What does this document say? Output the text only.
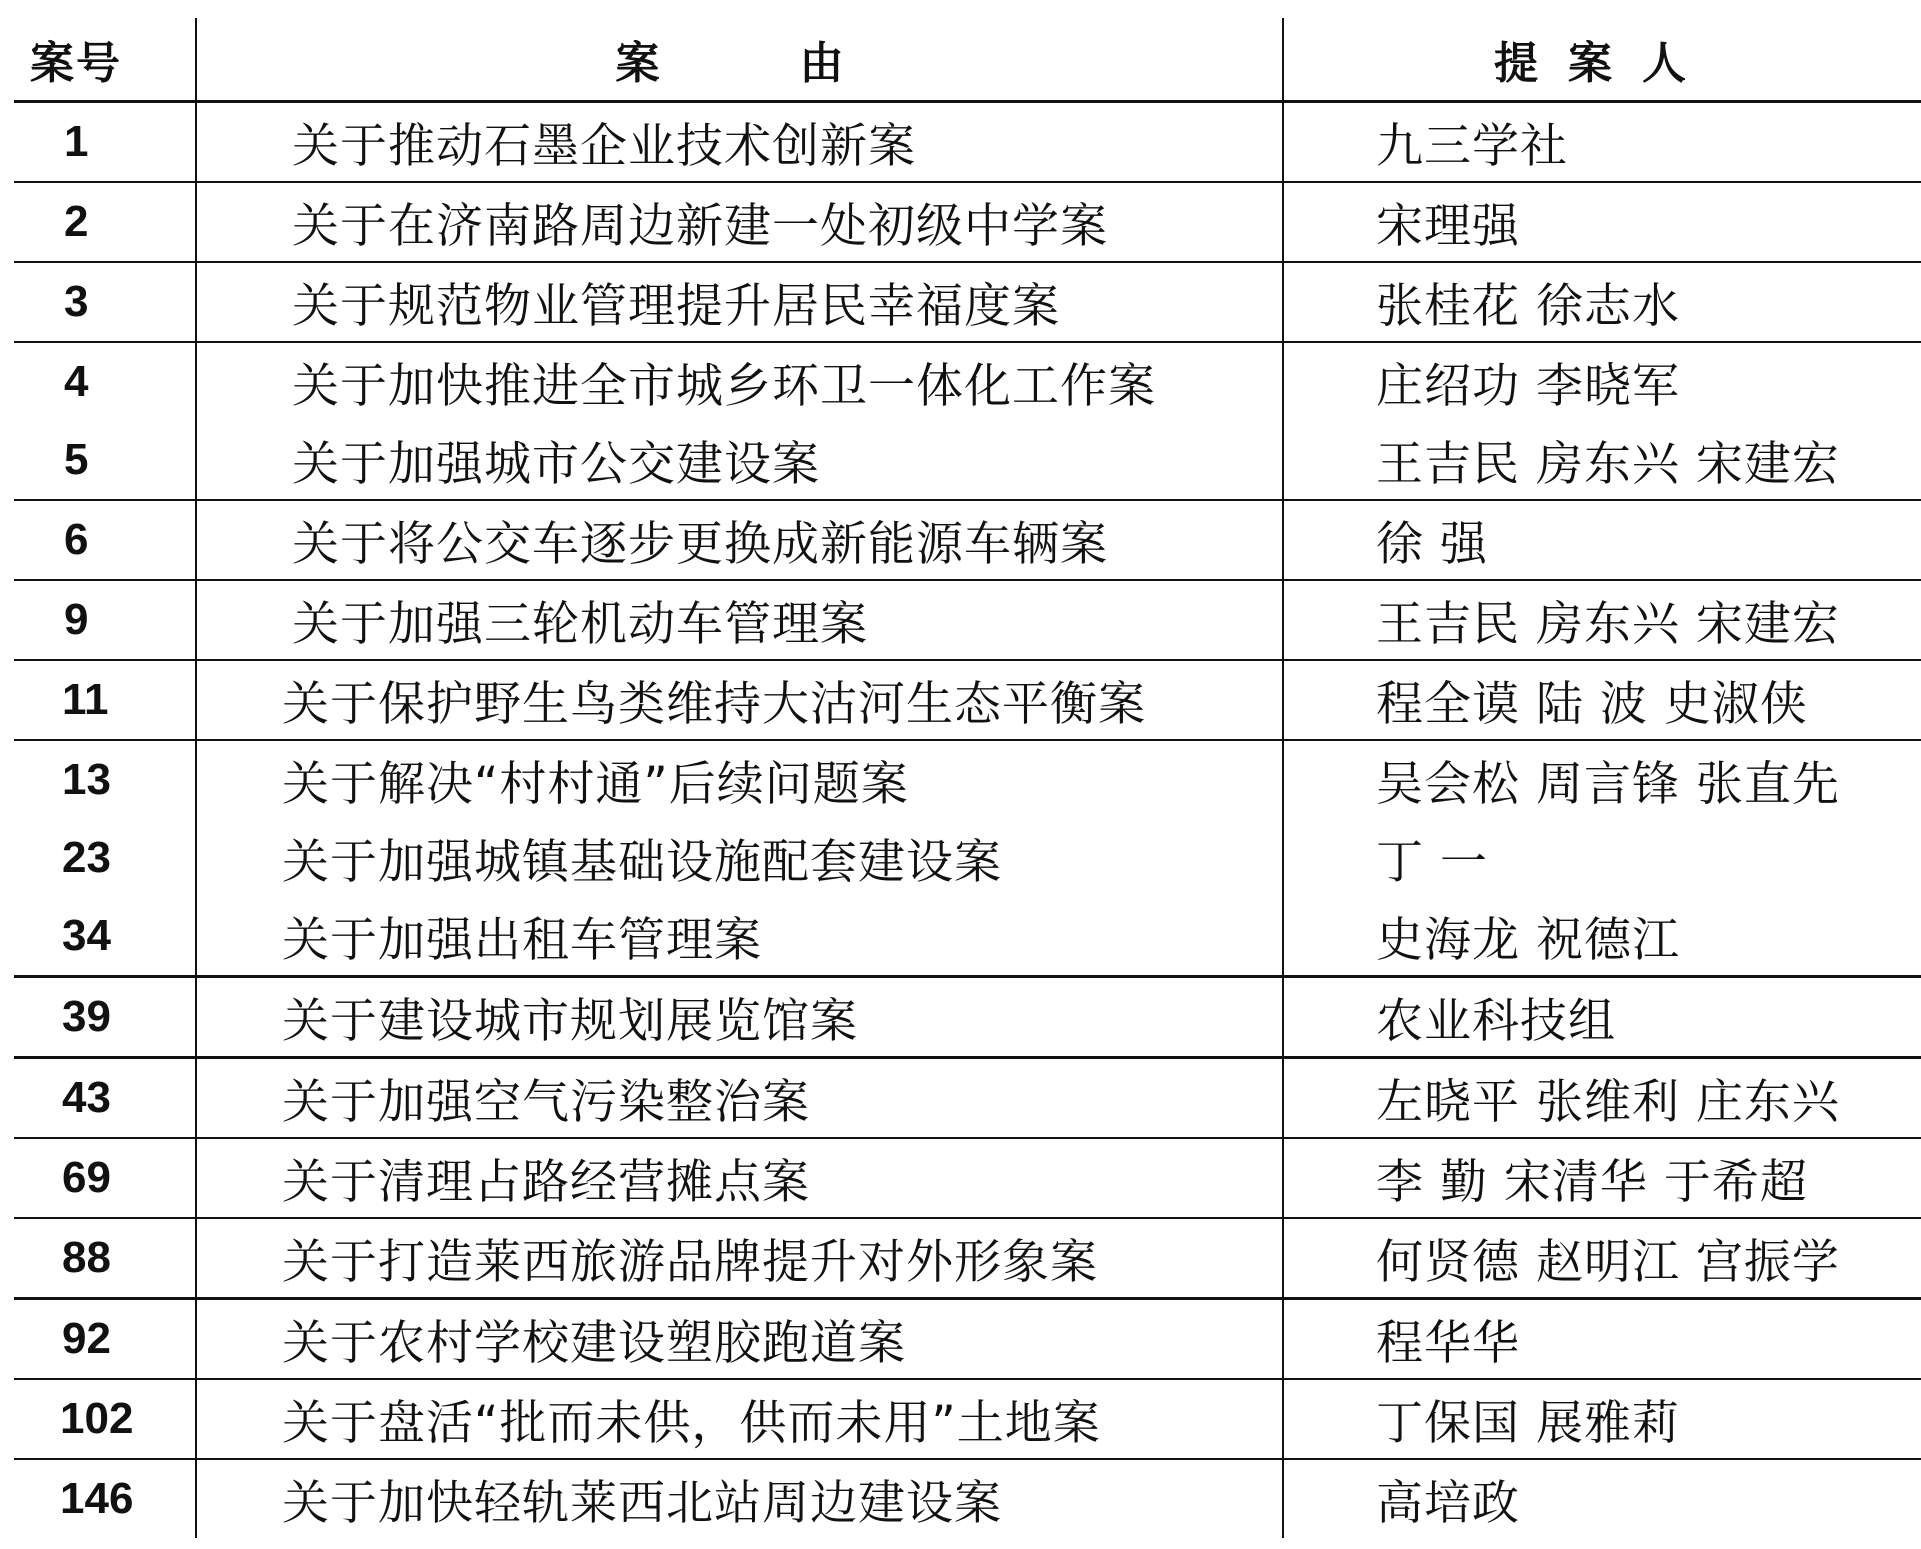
案号	案由	提案人
1	关于推动石墨企业技术创新案	九三学社
2	关于在济南路周边新建一处初级中学案	宋理强
3	关于规范物业管理提升居民幸福度案	张桂花 徐志水
4	关于加快推进全市城乡环卫一体化工作案	庄绍功 李晓军
5	关于加强城市公交建设案	王吉民 房东兴 宋建宏
6	关于将公交车逐步更换成新能源车辆案	徐 强
9	关于加强三轮机动车管理案	王吉民 房东兴 宋建宏
11	关于保护野生鸟类维持大沽河生态平衡案	程全谟 陆 波 史淑侠
13	关于解决“村村通”后续问题案	吴会松 周言锋 张直先
23	关于加强城镇基础设施配套建设案	丁 一
34	关于加强出租车管理案	史海龙 祝德江
39	关于建设城市规划展览馆案	农业科技组
43	关于加强空气污染整治案	左晓平 张维利 庄东兴
69	关于清理占路经营摊点案	李 勤 宋清华 于希超
88	关于打造莱西旅游品牌提升对外形象案	何贤德 赵明江 宫振学
92	关于农村学校建设塑胶跑道案	程华华
102	关于盘活“批而未供，供而未用”土地案	丁保国 展雅莉
146	关于加快轻轨莱西北站周边建设案	高培政
